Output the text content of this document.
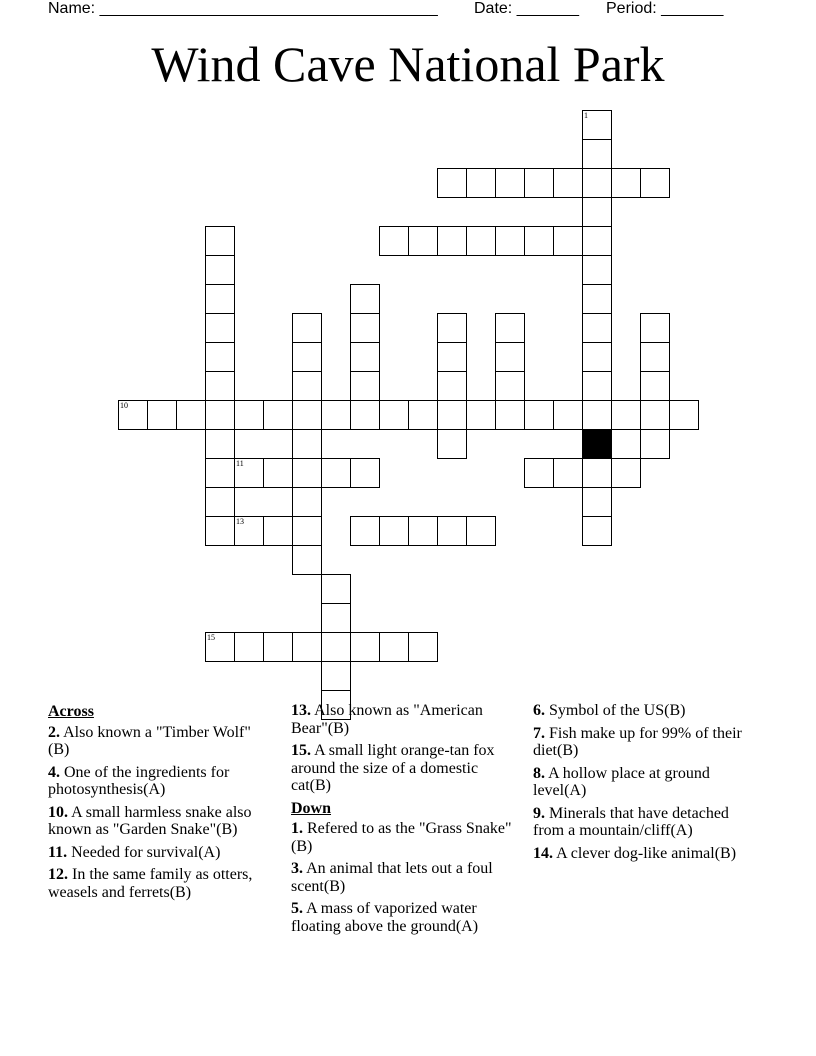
Name: ______________________________________ Date: _______ Period: _______
Wind Cave National Park
1
10
11
13
15
Across
2. Also known a "Timber Wolf"(B)
4. One of the ingredients for photosynthesis(A)
10. A small harmless snake also known as "Garden Snake"(B)
11. Needed for survival(A)
12. In the same family as otters, weasels and ferrets(B)
13. Also known as "American Bear"(B)
15. A small light orange-tan fox around the size of a domestic cat(B)
Down
1. Refered to as the "Grass Snake"(B)
3. An animal that lets out a foul scent(B)
5. A mass of vaporized water floating above the ground(A)
6. Symbol of the US(B)
7. Fish make up for 99% of their diet(B)
8. A hollow place at ground level(A)
9. Minerals that have detached from a mountain/cliff(A)
14. A clever dog-like animal(B)
